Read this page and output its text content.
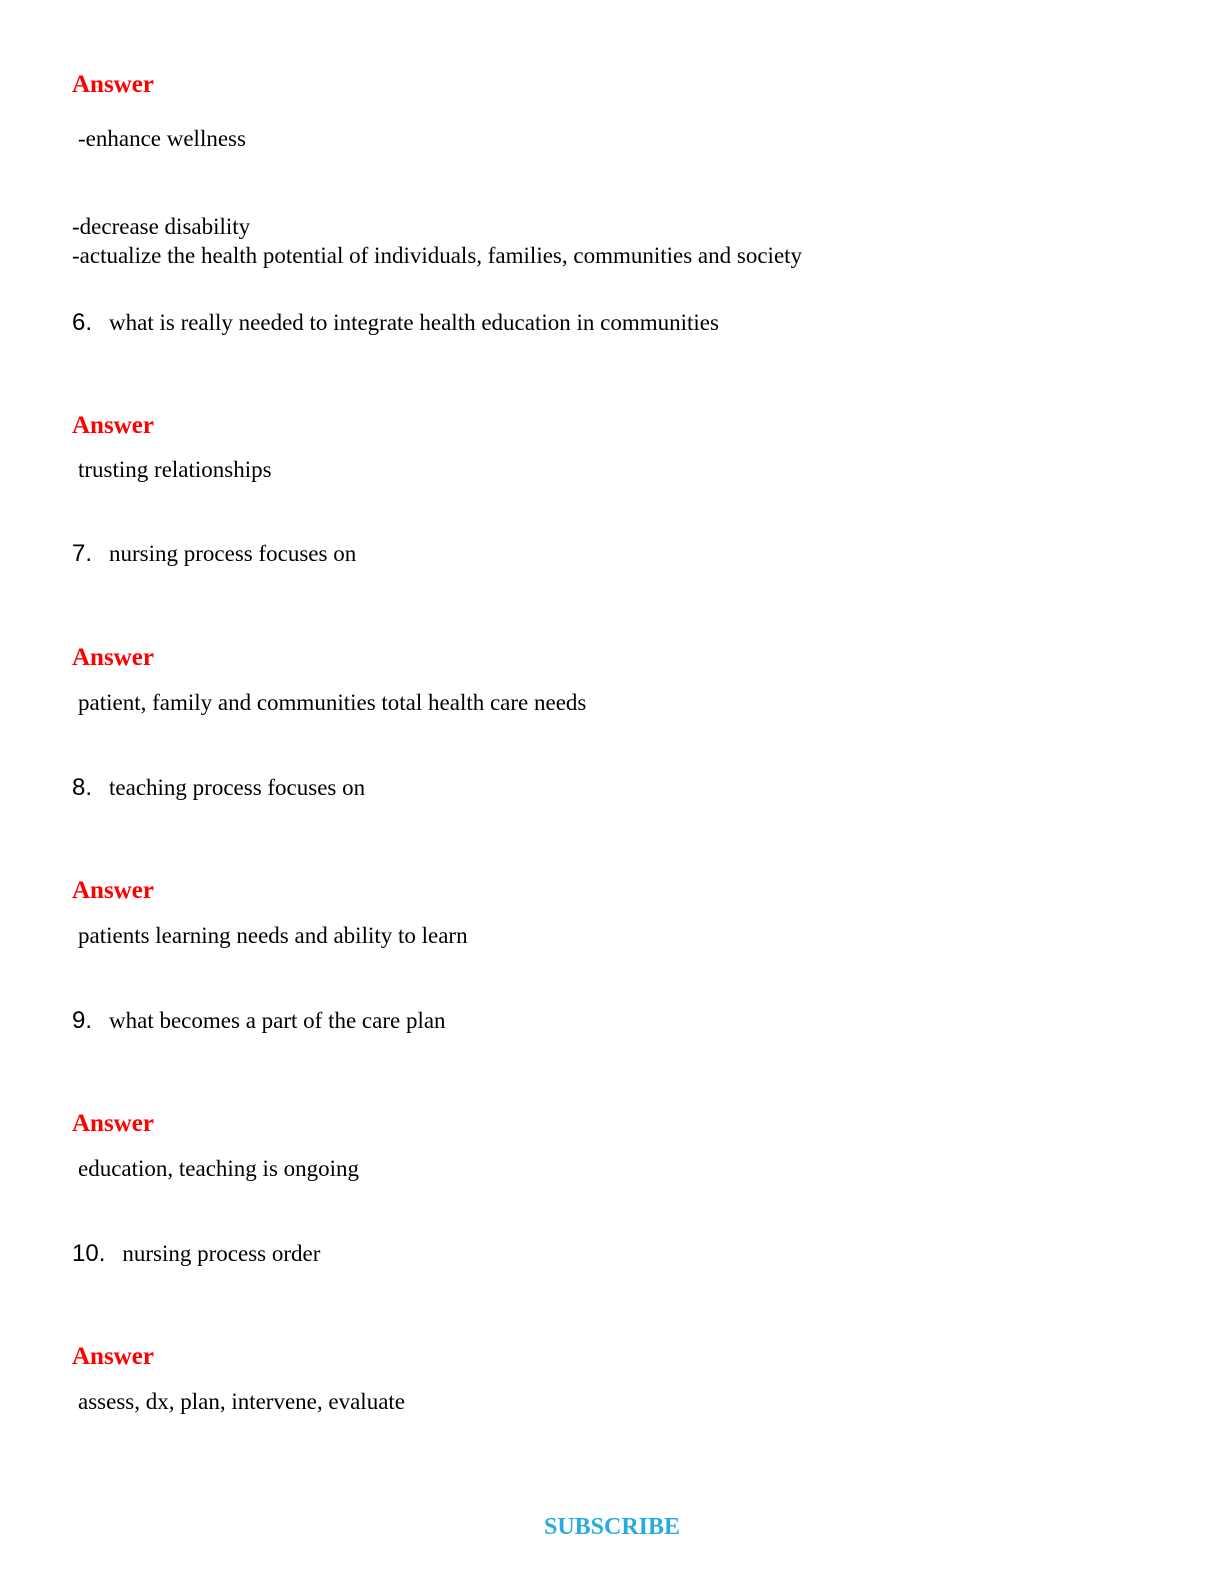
Answer
-enhance wellness
-decrease disability
-actualize the health potential of individuals, families, communities and society
6. what is really needed to integrate health education in communities
Answer
trusting relationships
7. nursing process focuses on
Answer
patient, family and communities total health care needs
8. teaching process focuses on
Answer
patients learning needs and ability to learn
9. what becomes a part of the care plan
Answer
education, teaching is ongoing
10. nursing process order
Answer
assess, dx, plan, intervene, evaluate
SUBSCRIBE
